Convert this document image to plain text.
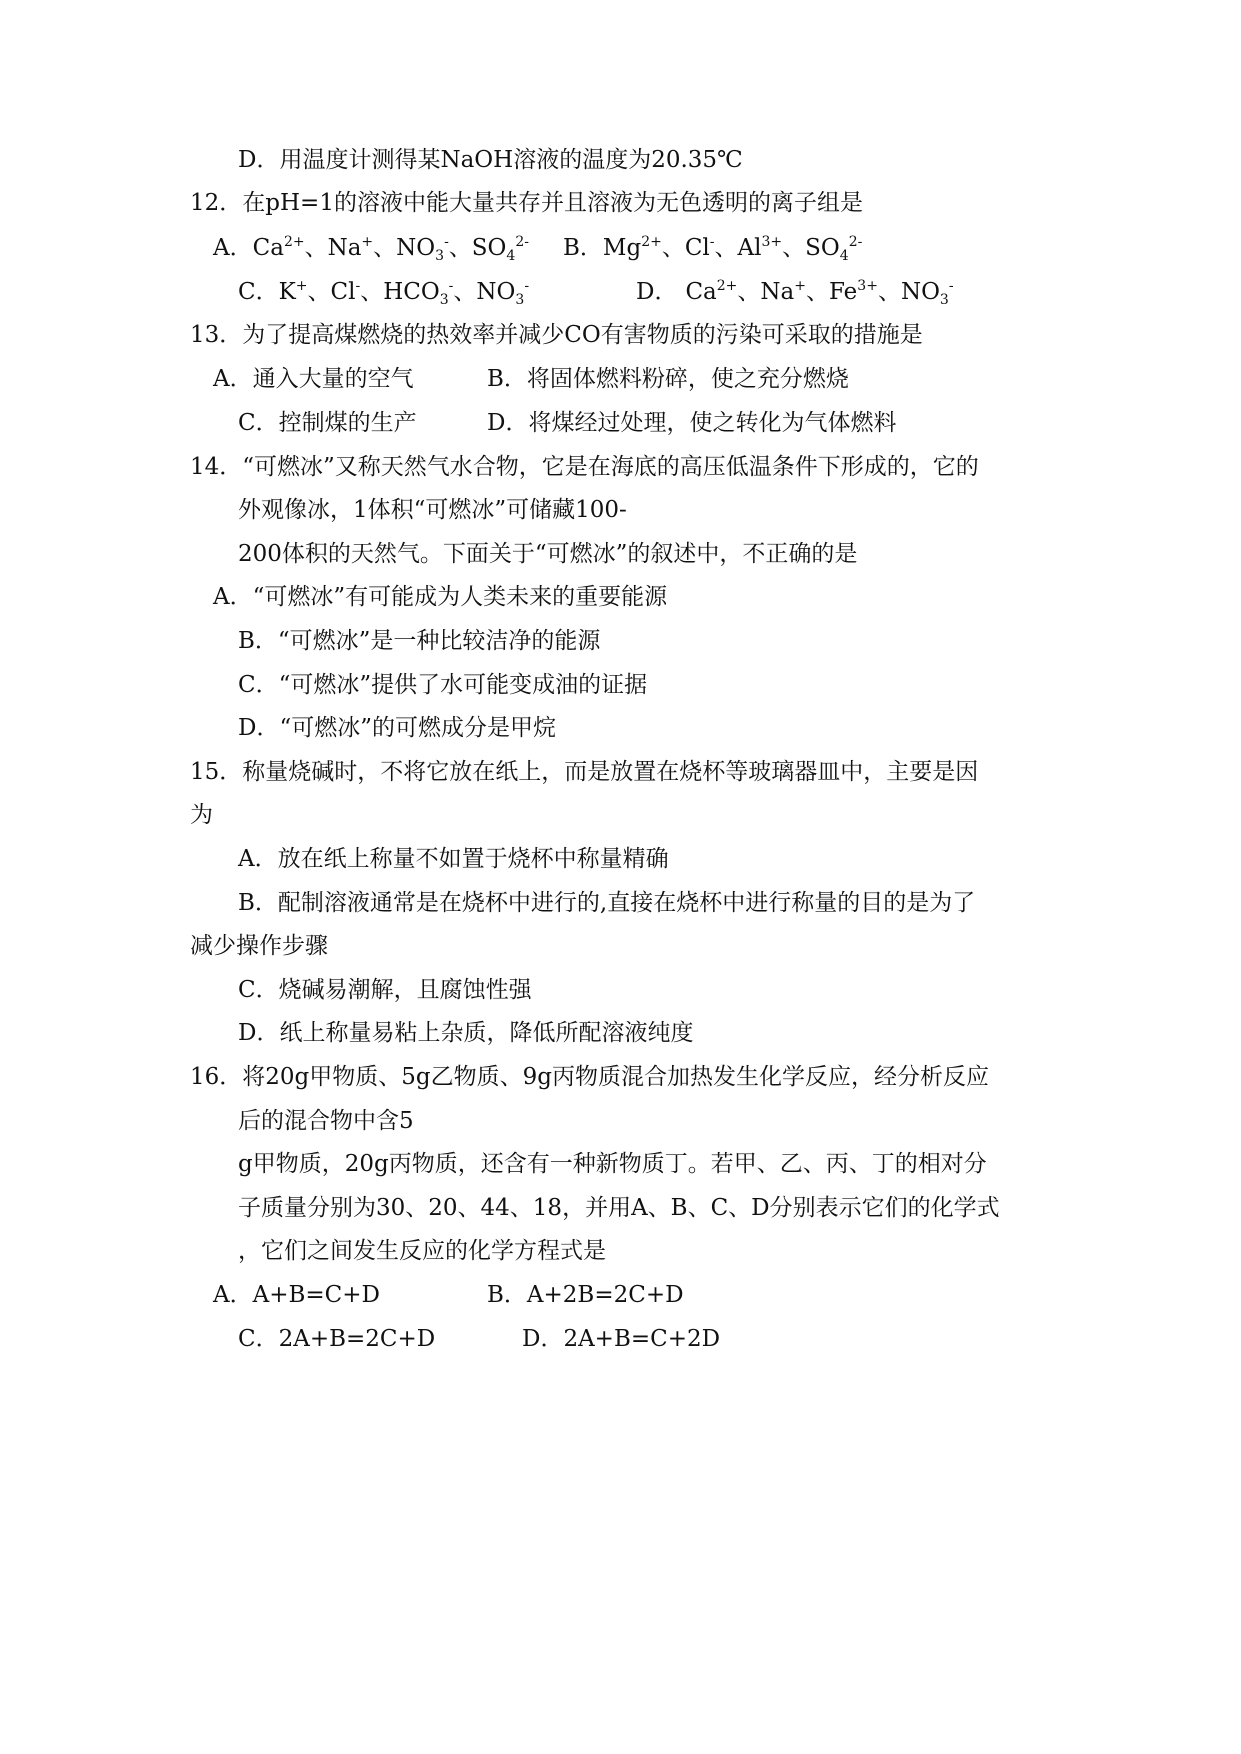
D．用温度计测得某NaOH溶液的温度为20.35℃
12．在pH=1的溶液中能大量共存并且溶液为无色透明的离子组是
A．$Ca^{2+}$、Na+、$NO_3^-$、$SO_4^{2-}$ B．$Mg^{2+}$、Cl-、$Al^{3+}$、$SO_4^{2-}$
C．K+、Cl-、$HCO_3^-$、$NO_3^-$	D． $Ca^{2+}$、Na+、$Fe^{3+}$、$NO_3^-$
13．为了提高煤燃烧的热效率并减少CO有害物质的污染可采取的措施是
A．通入大量的空气	B．将固体燃料粉碎，使之充分燃烧
C．控制煤的生产	D．将煤经过处理，使之转化为气体燃料
14．“可燃冰”又称天然气水合物，它是在海底的高压低温条件下形成的，它的
外观像冰，1体积“可燃冰”可储藏100-
200体积的天然气。下面关于“可燃冰”的叙述中，不正确的是
A．“可燃冰”有可能成为人类未来的重要能源
B．“可燃冰”是一种比较洁净的能源
C．“可燃冰”提供了水可能变成油的证据
D．“可燃冰”的可燃成分是甲烷
15．称量烧碱时，不将它放在纸上，而是放置在烧杯等玻璃器皿中，主要是因
为
A．放在纸上称量不如置于烧杯中称量精确
B．配制溶液通常是在烧杯中进行的,直接在烧杯中进行称量的目的是为了
减少操作步骤
C．烧碱易潮解，且腐蚀性强
D．纸上称量易粘上杂质，降低所配溶液纯度
16．将20g甲物质、5g乙物质、9g丙物质混合加热发生化学反应，经分析反应
后的混合物中含5
g甲物质，20g丙物质，还含有一种新物质丁。若甲、乙、丙、丁的相对分
子质量分别为30、20、44、18，并用A、B、C、D分别表示它们的化学式
，它们之间发生反应的化学方程式是
A．A+B=C+D	B．A+2B=2C+D
C．2A+B=2C+D	D．2A+B=C+2D
